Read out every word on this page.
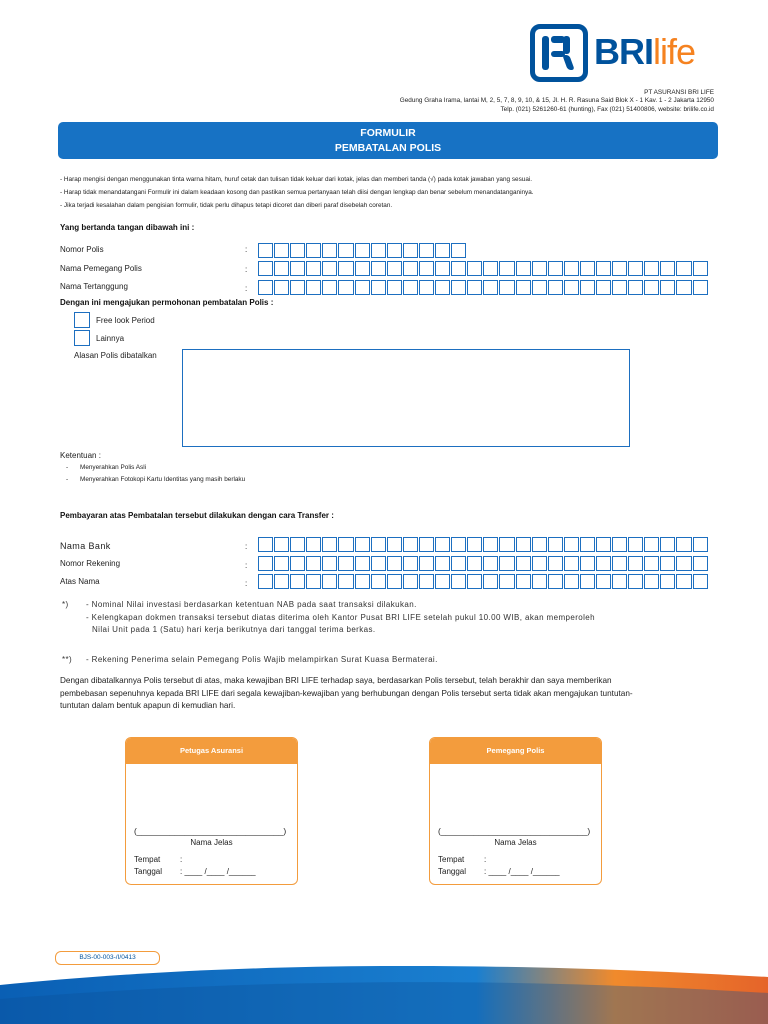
BRIlife
PT ASURANSI BRI LIFE
Gedung Graha Irama, lantai M, 2, 5, 7, 8, 9, 10, & 15, Jl. H. R. Rasuna Said Blok X - 1 Kav. 1 - 2 Jakarta 12950
Telp. (021) 5261260-61 (hunting), Fax (021) 51400806, website: brilife.co.id
FORMULIR
PEMBATALAN POLIS
- Harap mengisi dengan menggunakan tinta warna hitam, huruf cetak dan tulisan tidak keluar dari kotak, jelas dan memberi tanda (√) pada kotak jawaban yang sesuai.
- Harap tidak menandatangani Formulir ini dalam keadaan kosong dan pastikan semua pertanyaan telah diisi dengan lengkap dan benar sebelum menandatanganinya.
- Jika terjadi kesalahan dalam pengisian formulir, tidak perlu dihapus tetapi dicoret dan diberi paraf disebelah coretan.
Yang bertanda tangan dibawah ini :
Nomor Polis	:
Nama Pemegang Polis	:
Nama Tertanggung	:
Dengan ini mengajukan permohonan pembatalan Polis :
Free look Period
Lainnya
Alasan Polis dibatalkan
Ketentuan :
-	Menyerahkan Polis Asli
-	Menyerahkan Fotokopi Kartu Identitas yang masih berlaku
Pembayaran atas Pembatalan tersebut dilakukan dengan cara Transfer :
Nama Bank	:
Nomor Rekening	:
Atas Nama	:
*) - Nominal Nilai investasi berdasarkan ketentuan NAB pada saat transaksi dilakukan.
- Kelengkapan dokmen transaksi tersebut diatas diterima oleh Kantor Pusat BRI LIFE setelah pukul 10.00 WIB, akan memperoleh
Nilai Unit pada 1 (Satu) hari kerja berikutnya dari tanggal terima berkas.
**) - Rekening Penerima selain Pemegang Polis Wajib melampirkan Surat Kuasa Bermaterai.
Dengan dibatalkannya Polis tersebut di atas, maka kewajiban BRI LIFE terhadap saya, berdasarkan Polis tersebut, telah berakhir dan saya memberikan pembebasan sepenuhnya kepada BRI LIFE dari segala kewajiban-kewajiban yang berhubungan dengan Polis tersebut serta tidak akan mengajukan tuntutan-tuntutan dalam bentuk apapun di kemudian hari.
Petugas Asuransi
(_______________________________)
Nama Jelas
Tempat	:
Tanggal	: ____ /____ /______
Pemegang Polis
(_______________________________)
Nama Jelas
Tempat	:
Tanggal	: ____ /____ /______
BJS-00-003-/I/0413
